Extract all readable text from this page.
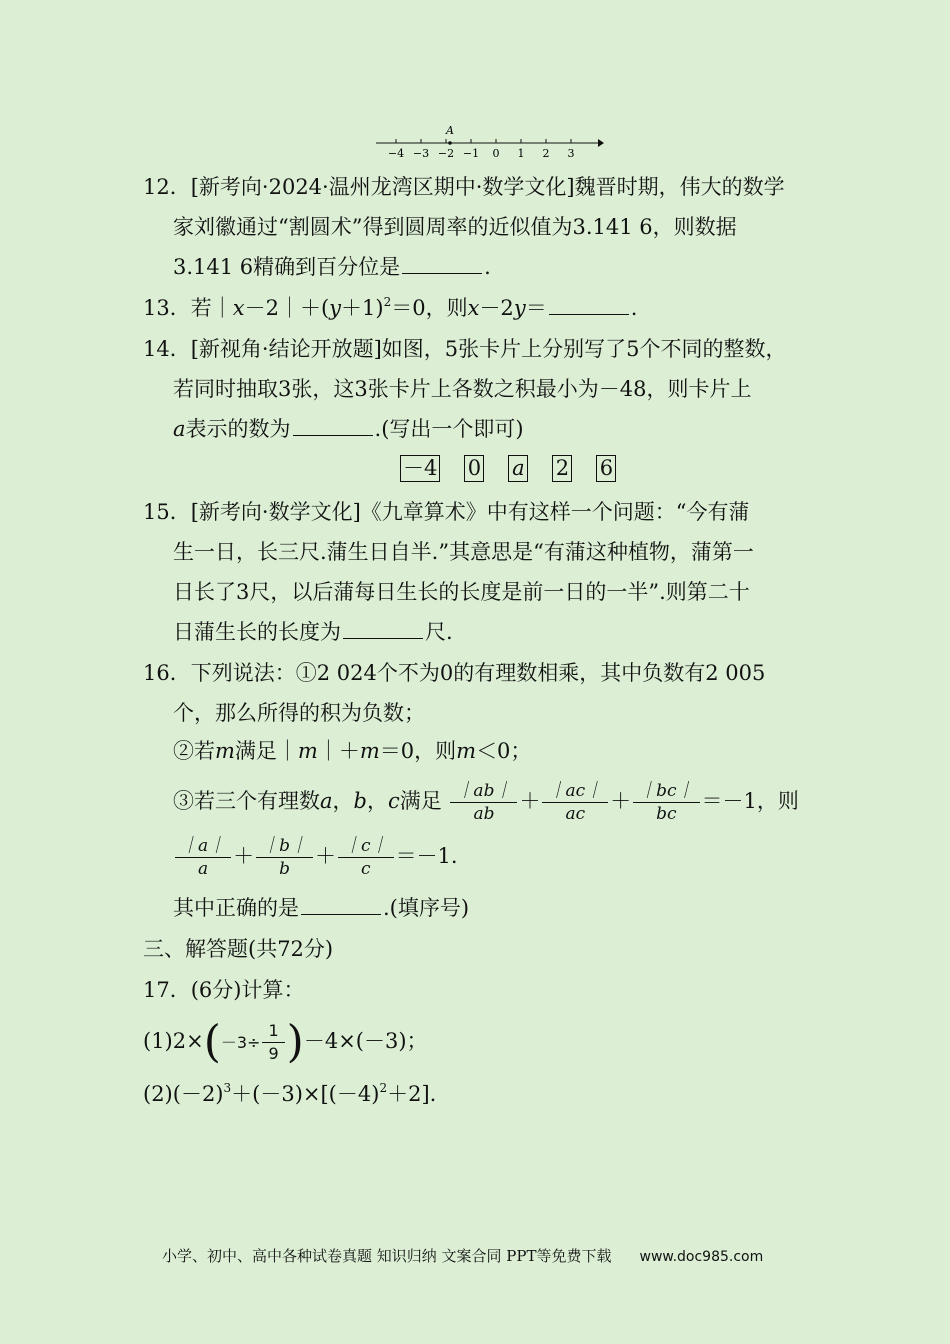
−4 −3 −2 −1 0 1 2 3
A
12．[新考向·2024·温州龙湾区期中·数学文化]魏晋时期，伟大的数学
家刘徽通过“割圆术”得到圆周率的近似值为3.141 6，则数据
3.141 6精确到百分位是	.
13．若$|x-2|+(y+1)^2=0$，则x－2y＝	.
14．[新视角·结论开放题]如图，5张卡片上分别写了5个不同的整数，
若同时抽取3张，这3张卡片上各数之积最小为－48，则卡片上
a表示的数为	.(写出一个即可)
－4 0 a 2 6
15．[新考向·数学文化]《九章算术》中有这样一个问题：“今有蒲
生一日，长三尺.蒲生日自半.”其意思是“有蒲这种植物，蒲第一
日长了3尺，以后蒲每日生长的长度是前一日的一半”.则第二十
日蒲生长的长度为	尺.
16．下列说法：①2 024个不为0的有理数相乘，其中负数有2 005
个，那么所得的积为负数；
②若m满足｜m｜＋m＝0，则m＜0；
③若三个有理数a，b，c满足 $\frac{|ab|}{ab} + \frac{|ac|}{ac} + \frac{|bc|}{bc} =-1$，则
$\frac{|a|}{a} + \frac{|b|}{b} + \frac{|c|}{c} =-1$.
其中正确的是	.(填序号)
三、解答题(共72分)
17．(6分)计算：
$(1)2\times(-3\div \frac{1}{9} )-4\times(-3)$；
$(2)(-2)^3+(-3)\times[(-4)^2+2]$.
小学、初中、高中各种试卷真题 知识归纳 文案合同 PPT等免费下载 www.doc985.com
